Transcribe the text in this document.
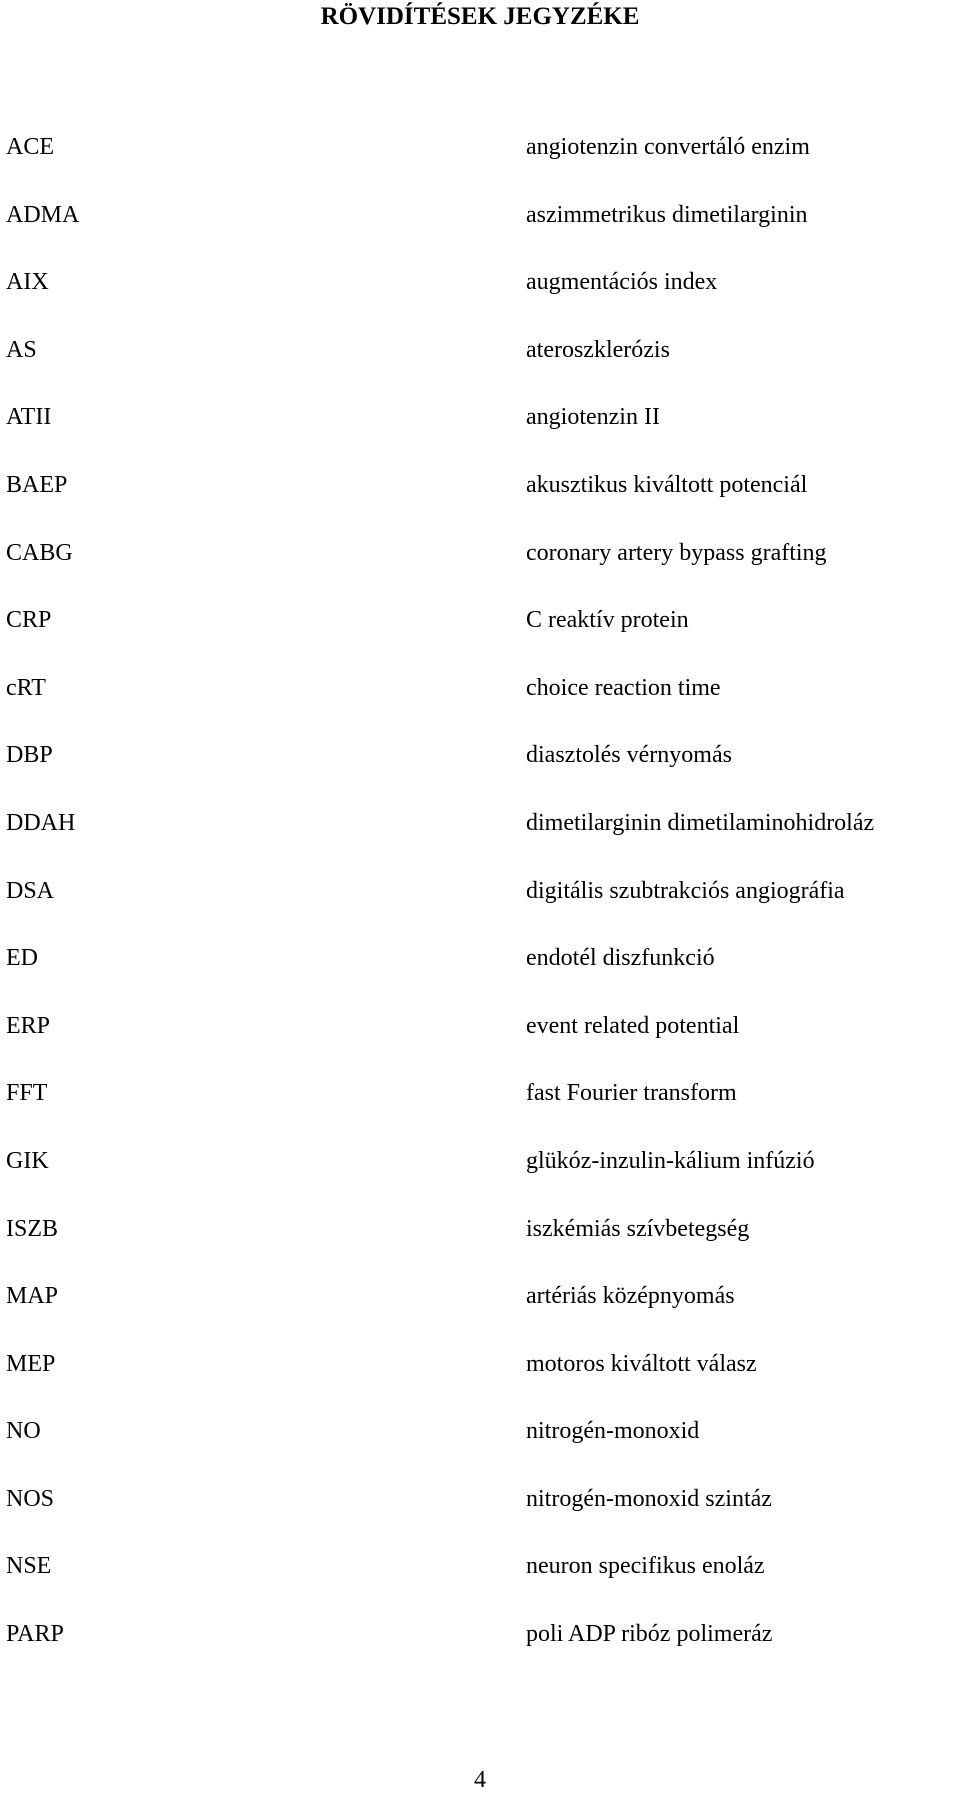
RÖVIDÍTÉSEK JEGYZÉKE
ACE	angiotenzin convertáló enzim
ADMA	aszimmetrikus dimetilarginin
AIX	augmentációs index
AS	ateroszklerózis
ATII	angiotenzin II
BAEP	akusztikus kiváltott potenciál
CABG	coronary artery bypass grafting
CRP	C reaktív protein
cRT	choice reaction time
DBP	diasztolés vérnyomás
DDAH	dimetilarginin dimetilaminohidroláz
DSA	digitális szubtrakciós angiográfia
ED	endotél diszfunkció
ERP	event related potential
FFT	fast Fourier transform
GIK	glükóz-inzulin-kálium infúzió
ISZB	iszkémiás szívbetegség
MAP	artériás középnyomás
MEP	motoros kiváltott válasz
NO	nitrogén-monoxid
NOS	nitrogén-monoxid szintáz
NSE	neuron specifikus enoláz
PARP	poli ADP ribóz polimeráz
4
